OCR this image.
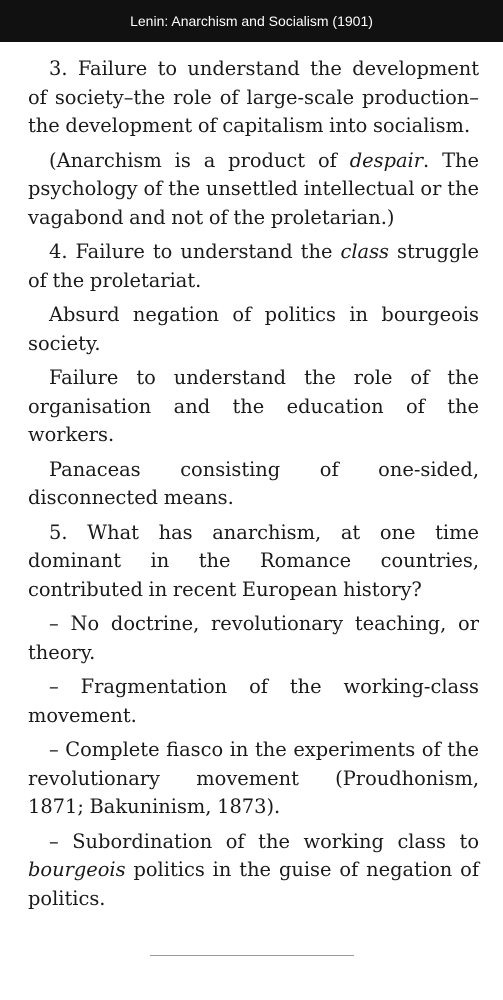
Lenin: Anarchism and Socialism (1901)

3. Failure to understand the development of society–the role of large-scale production–the development of capitalism into socialism.

(Anarchism is a product of despair. The psychology of the unsettled intellectual or the vagabond and not of the proletarian.)

4. Failure to understand the class struggle of the proletariat.

Absurd negation of politics in bourgeois society.

Failure to understand the role of the organisation and the education of the workers.

Panaceas consisting of one-sided, disconnected means.

5. What has anarchism, at one time dominant in the Romance countries, contributed in recent European history?

– No doctrine, revolutionary teaching, or theory.

– Fragmentation of the working-class movement.

– Complete fiasco in the experiments of the revolutionary movement (Proudhonism, 1871; Bakuninism, 1873).

– Subordination of the working class to bourgeois politics in the guise of negation of politics.
